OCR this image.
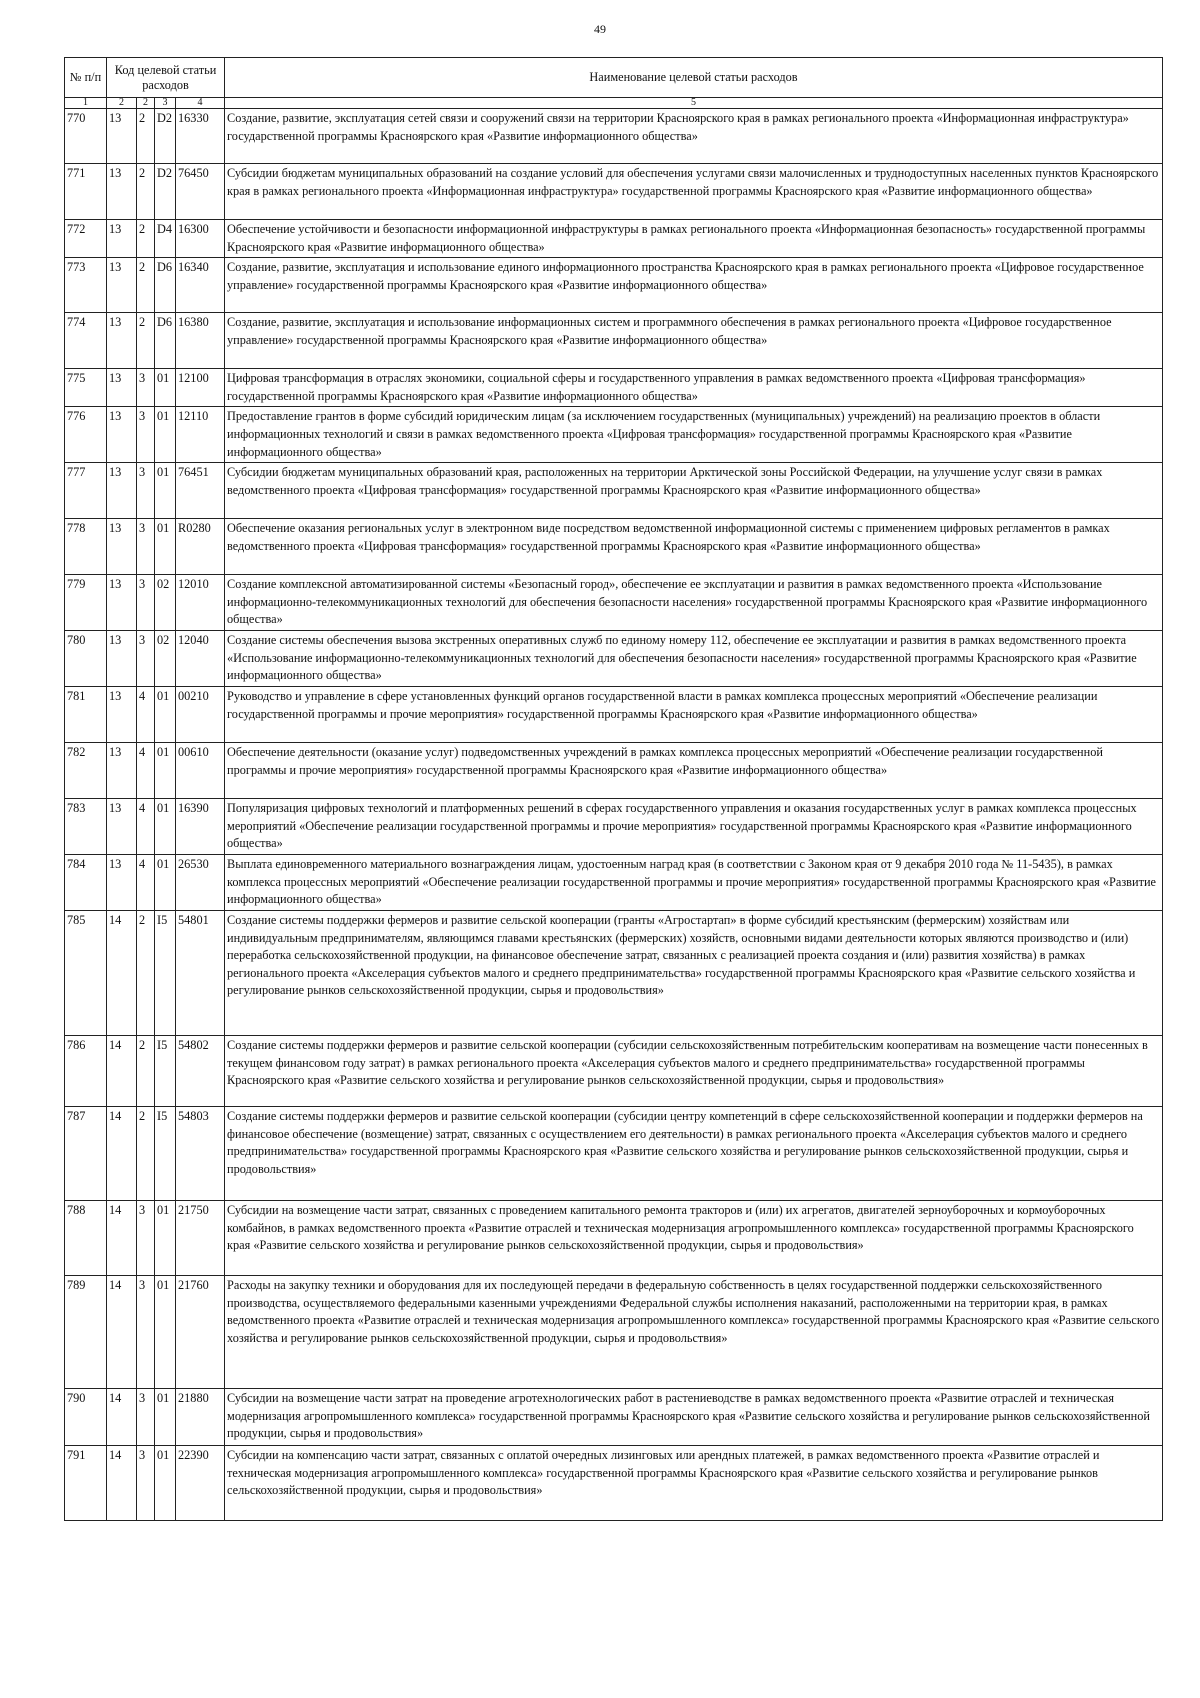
49
№ п/п	Код целевой статьи расходов				Наименование целевой статьи расходов
1	2	2	3	4	5
770	13	2	D2	16330	Создание, развитие, эксплуатация сетей связи и сооружений связи на территории Красноярского края в рамках регионального проекта «Информационная инфраструктура» государственной программы Красноярского края «Развитие информационного общества»
771	13	2	D2	76450	Субсидии бюджетам муниципальных образований на создание условий для обеспечения услугами связи малочисленных и труднодоступных населенных пунктов Красноярского края в рамках регионального проекта «Информационная инфраструктура» государственной программы Красноярского края «Развитие информационного общества»
772	13	2	D4	16300	Обеспечение устойчивости и безопасности информационной инфраструктуры в рамках регионального проекта «Информационная безопасность» государственной программы Красноярского края «Развитие информационного общества»
773	13	2	D6	16340	Создание, развитие, эксплуатация и использование единого информационного пространства Красноярского края в рамках регионального проекта «Цифровое государственное управление» государственной программы Красноярского края «Развитие информационного общества»
774	13	2	D6	16380	Создание, развитие, эксплуатация и использование информационных систем и программного обеспечения в рамках регионального проекта «Цифровое государственное управление» государственной программы Красноярского края «Развитие информационного общества»
775	13	3	01	12100	Цифровая трансформация в отраслях экономики, социальной сферы и государственного управления в рамках ведомственного проекта «Цифровая трансформация» государственной программы Красноярского края «Развитие информационного общества»
776	13	3	01	12110	Предоставление грантов в форме субсидий юридическим лицам (за исключением государственных (муниципальных) учреждений) на реализацию проектов в области информационных технологий и связи в рамках ведомственного проекта «Цифровая трансформация» государственной программы Красноярского края «Развитие информационного общества»
777	13	3	01	76451	Субсидии бюджетам муниципальных образований края, расположенных на территории Арктической зоны Российской Федерации, на улучшение услуг связи в рамках ведомственного проекта «Цифровая трансформация» государственной программы Красноярского края «Развитие информационного общества»
778	13	3	01	R0280	Обеспечение оказания региональных услуг в электронном виде посредством ведомственной информационной системы с применением цифровых регламентов в рамках ведомственного проекта «Цифровая трансформация» государственной программы Красноярского края «Развитие информационного общества»
779	13	3	02	12010	Создание комплексной автоматизированной системы «Безопасный город», обеспечение ее эксплуатации и развития в рамках ведомственного проекта «Использование информационно-телекоммуникационных технологий для обеспечения безопасности населения» государственной программы Красноярского края «Развитие информационного общества»
780	13	3	02	12040	Создание системы обеспечения вызова экстренных оперативных служб по единому номеру 112, обеспечение ее эксплуатации и развития в рамках ведомственного проекта «Использование информационно-телекоммуникационных технологий для обеспечения безопасности населения» государственной программы Красноярского края «Развитие информационного общества»
781	13	4	01	00210	Руководство и управление в сфере установленных функций органов государственной власти в рамках комплекса процессных мероприятий «Обеспечение реализации государственной программы и прочие мероприятия» государственной программы Красноярского края «Развитие информационного общества»
782	13	4	01	00610	Обеспечение деятельности (оказание услуг) подведомственных учреждений в рамках комплекса процессных мероприятий «Обеспечение реализации государственной программы и прочие мероприятия» государственной программы Красноярского края «Развитие информационного общества»
783	13	4	01	16390	Популяризация цифровых технологий и платформенных решений в сферах государственного управления и оказания государственных услуг в рамках комплекса процессных мероприятий «Обеспечение реализации государственной программы и прочие мероприятия» государственной программы Красноярского края «Развитие информационного общества»
784	13	4	01	26530	Выплата единовременного материального вознаграждения лицам, удостоенным наград края (в соответствии с Законом края от 9 декабря 2010 года № 11-5435), в рамках комплекса процессных мероприятий «Обеспечение реализации государственной программы и прочие мероприятия» государственной программы Красноярского края «Развитие информационного общества»
785	14	2	I5	54801	Создание системы поддержки фермеров и развитие сельской кооперации (гранты «Агростартап» в форме субсидий крестьянским (фермерским) хозяйствам или индивидуальным предпринимателям, являющимся главами крестьянских (фермерских) хозяйств, основными видами деятельности которых являются производство и (или) переработка сельскохозяйственной продукции, на финансовое обеспечение затрат, связанных с реализацией проекта создания и (или) развития хозяйства) в рамках регионального проекта «Акселерация субъектов малого и среднего предпринимательства» государственной программы Красноярского края «Развитие сельского хозяйства и регулирование рынков сельскохозяйственной продукции, сырья и продовольствия»
786	14	2	I5	54802	Создание системы поддержки фермеров и развитие сельской кооперации (субсидии сельскохозяйственным потребительским кооперативам на возмещение части понесенных в текущем финансовом году затрат) в рамках регионального проекта «Акселерация субъектов малого и среднего предпринимательства» государственной программы Красноярского края «Развитие сельского хозяйства и регулирование рынков сельскохозяйственной продукции, сырья и продовольствия»
787	14	2	I5	54803	Создание системы поддержки фермеров и развитие сельской кооперации (субсидии центру компетенций в сфере сельскохозяйственной кооперации и поддержки фермеров на финансовое обеспечение (возмещение) затрат, связанных с осуществлением его деятельности) в рамках регионального проекта «Акселерация субъектов малого и среднего предпринимательства» государственной программы Красноярского края «Развитие сельского хозяйства и регулирование рынков сельскохозяйственной продукции, сырья и продовольствия»
788	14	3	01	21750	Субсидии на возмещение части затрат, связанных с проведением капитального ремонта тракторов и (или) их агрегатов, двигателей зерноуборочных и кормоуборочных комбайнов, в рамках ведомственного проекта «Развитие отраслей и техническая модернизация агропромышленного комплекса» государственной программы Красноярского края «Развитие сельского хозяйства и регулирование рынков сельскохозяйственной продукции, сырья и продовольствия»
789	14	3	01	21760	Расходы на закупку техники и оборудования для их последующей передачи в федеральную собственность в целях государственной поддержки сельскохозяйственного производства, осуществляемого федеральными казенными учреждениями Федеральной службы исполнения наказаний, расположенными на территории края, в рамках ведомственного проекта «Развитие отраслей и техническая модернизация агропромышленного комплекса» государственной программы Красноярского края «Развитие сельского хозяйства и регулирование рынков сельскохозяйственной продукции, сырья и продовольствия»
790	14	3	01	21880	Субсидии на возмещение части затрат на проведение агротехнологических работ в растениеводстве в рамках ведомственного проекта «Развитие отраслей и техническая модернизация агропромышленного комплекса» государственной программы Красноярского края «Развитие сельского хозяйства и регулирование рынков сельскохозяйственной продукции, сырья и продовольствия»
791	14	3	01	22390	Субсидии на компенсацию части затрат, связанных с оплатой очередных лизинговых или арендных платежей, в рамках ведомственного проекта «Развитие отраслей и техническая модернизация агропромышленного комплекса» государственной программы Красноярского края «Развитие сельского хозяйства и регулирование рынков сельскохозяйственной продукции, сырья и продовольствия»
